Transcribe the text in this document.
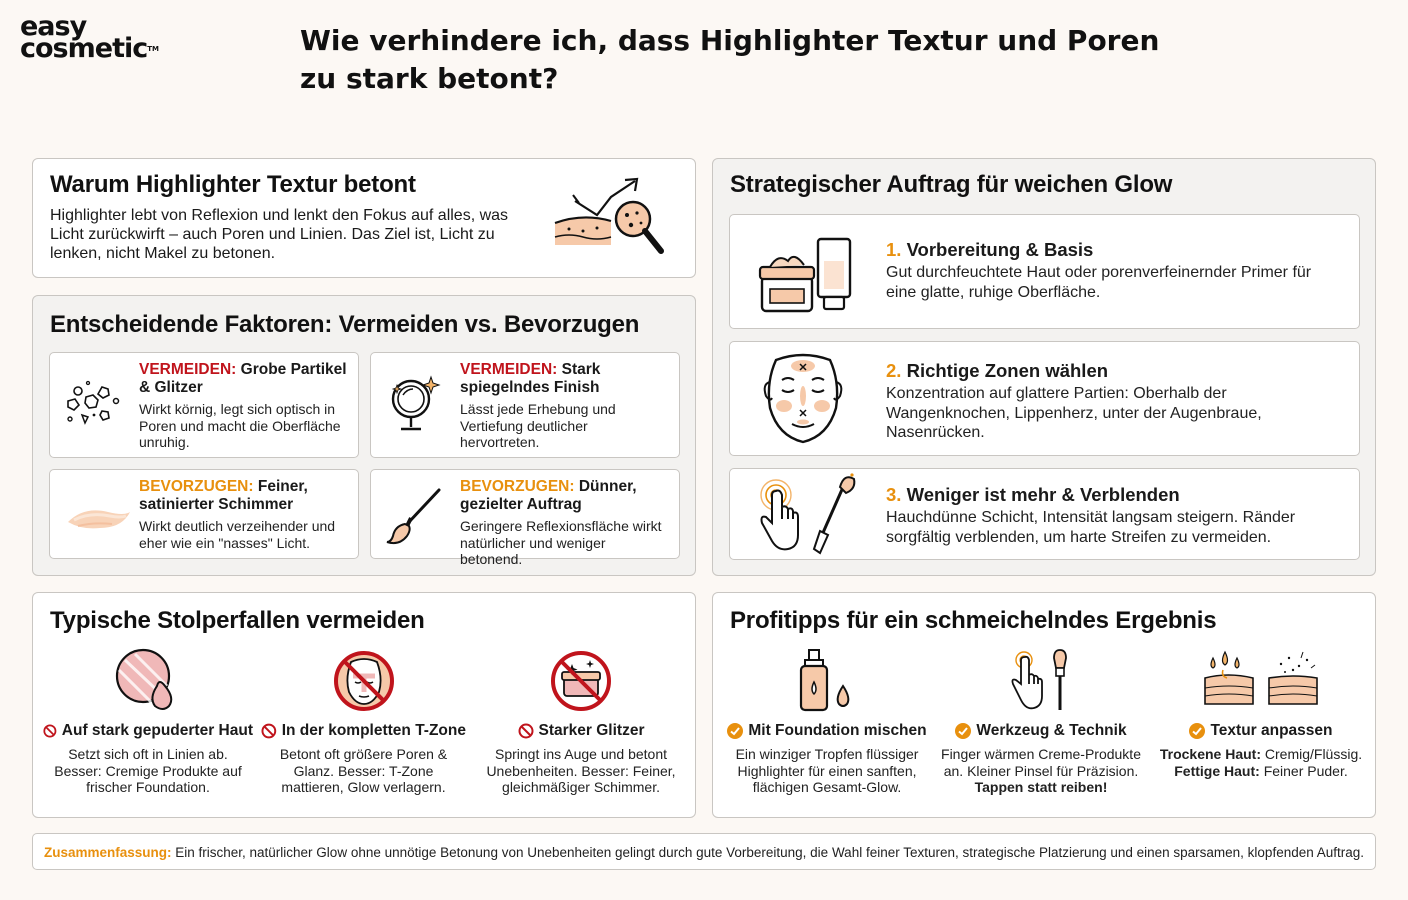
easy
cosmetic™	Wie verhindere ich, dass Highlighter Textur und Poren zu stark betont?
Warum Highlighter Textur betont
Highlighter lebt von Reflexion und lenkt den Fokus auf alles, was Licht zurückwirft – auch Poren und Linien. Das Ziel ist, Licht zu lenken, nicht Makel zu betonen.
Entscheidende Faktoren: Vermeiden vs. Bevorzugen
VERMEIDEN: Grobe Partikel & Glitzer
Wirkt körnig, legt sich optisch in Poren und macht die Oberfläche unruhig.
VERMEIDEN: Stark spiegelndes Finish
Lässt jede Erhebung und Vertiefung deutlicher hervortreten.
BEVORZUGEN: Feiner, satinierter Schimmer
Wirkt deutlich verzeihender und eher wie ein "nasses" Licht.
BEVORZUGEN: Dünner, gezielter Auftrag
Geringere Reflexionsfläche wirkt natürlicher und weniger betonend.
Strategischer Auftrag für weichen Glow
1. Vorbereitung & Basis
Gut durchfeuchtete Haut oder porenverfeinernder Primer für eine glatte, ruhige Oberfläche.
2. Richtige Zonen wählen
Konzentration auf glattere Partien: Oberhalb der Wangenknochen, Lippenherz, unter der Augenbraue, Nasenrücken.
3. Weniger ist mehr & Verblenden
Hauchdünne Schicht, Intensität langsam steigern. Ränder sorgfältig verblenden, um harte Streifen zu vermeiden.
Typische Stolperfallen vermeiden
Auf stark gepuderter Haut
Setzt sich oft in Linien ab. Besser: Cremige Produkte auf frischer Foundation.
In der kompletten T-Zone
Betont oft größere Poren & Glanz. Besser: T-Zone mattieren, Glow verlagern.
Starker Glitzer
Springt ins Auge und betont Unebenheiten. Besser: Feiner, gleichmäßiger Schimmer.
Profitipps für ein schmeichelndes Ergebnis
Mit Foundation mischen
Ein winziger Tropfen flüssiger Highlighter für einen sanften, flächigen Gesamt-Glow.
Werkzeug & Technik
Finger wärmen Creme-Produkte an. Kleiner Pinsel für Präzision. Tappen statt reiben!
Textur anpassen
Trockene Haut: Cremig/Flüssig.
Fettige Haut: Feiner Puder.
Zusammenfassung: Ein frischer, natürlicher Glow ohne unnötige Betonung von Unebenheiten gelingt durch gute Vorbereitung, die Wahl feiner Texturen, strategische Platzierung und einen sparsamen, klopfenden Auftrag.
